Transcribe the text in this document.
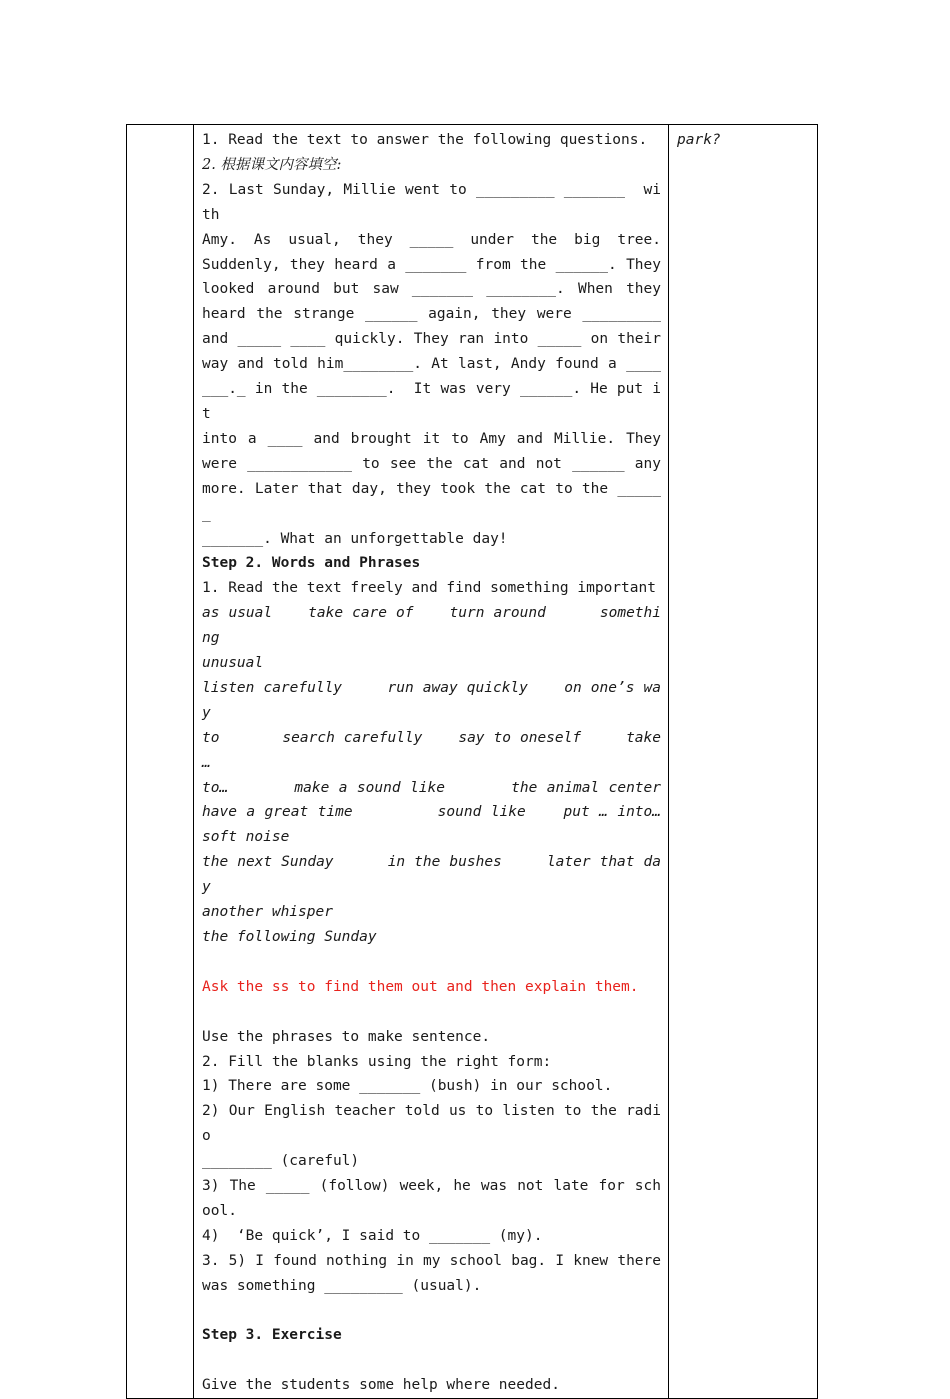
1. Read the text to answer the following questions.
2. 根据课文内容填空:
2. Last Sunday, Millie went to _________ _______  with
Amy. As usual, they _____ under the big tree.
Suddenly, they heard a _______ from the ______. They
looked around but saw _______ ________. When they
heard the strange ______ again, they were _________
and _____ ____ quickly. They ran into _____ on their
way and told him________. At last, Andy found a ____
___._ in the ________.  It was very ______. He put it
into a ____ and brought it to Amy and Millie. They
were ____________ to see the cat and not ______ any
more. Later that day, they took the cat to the ______
_______. What an unforgettable day!
Step 2. Words and Phrases
1. Read the text freely and find something important
as usual    take care of    turn around      something
unusual
listen carefully     run away quickly    on one’s way
to       search carefully    say to oneself     take …
to…       make a sound like       the animal center
have a great time         sound like    put … into…
soft noise
the next Sunday      in the bushes     later that day
another whisper
the following Sunday
Ask the ss to find them out and then explain them.
Use the phrases to make sentence.
2. Fill the blanks using the right form:
1) There are some _______ (bush) in our school.
2) Our English teacher told us to listen to the radio
________ (careful)
3) The _____ (follow) week, he was not late for sch
ool.
4)  ‘Be quick’, I said to _______ (my).
3. 5) I found nothing in my school bag. I knew there
was something _________ (usual).
Step 3. Exercise
Give the students some help where needed.

park?
